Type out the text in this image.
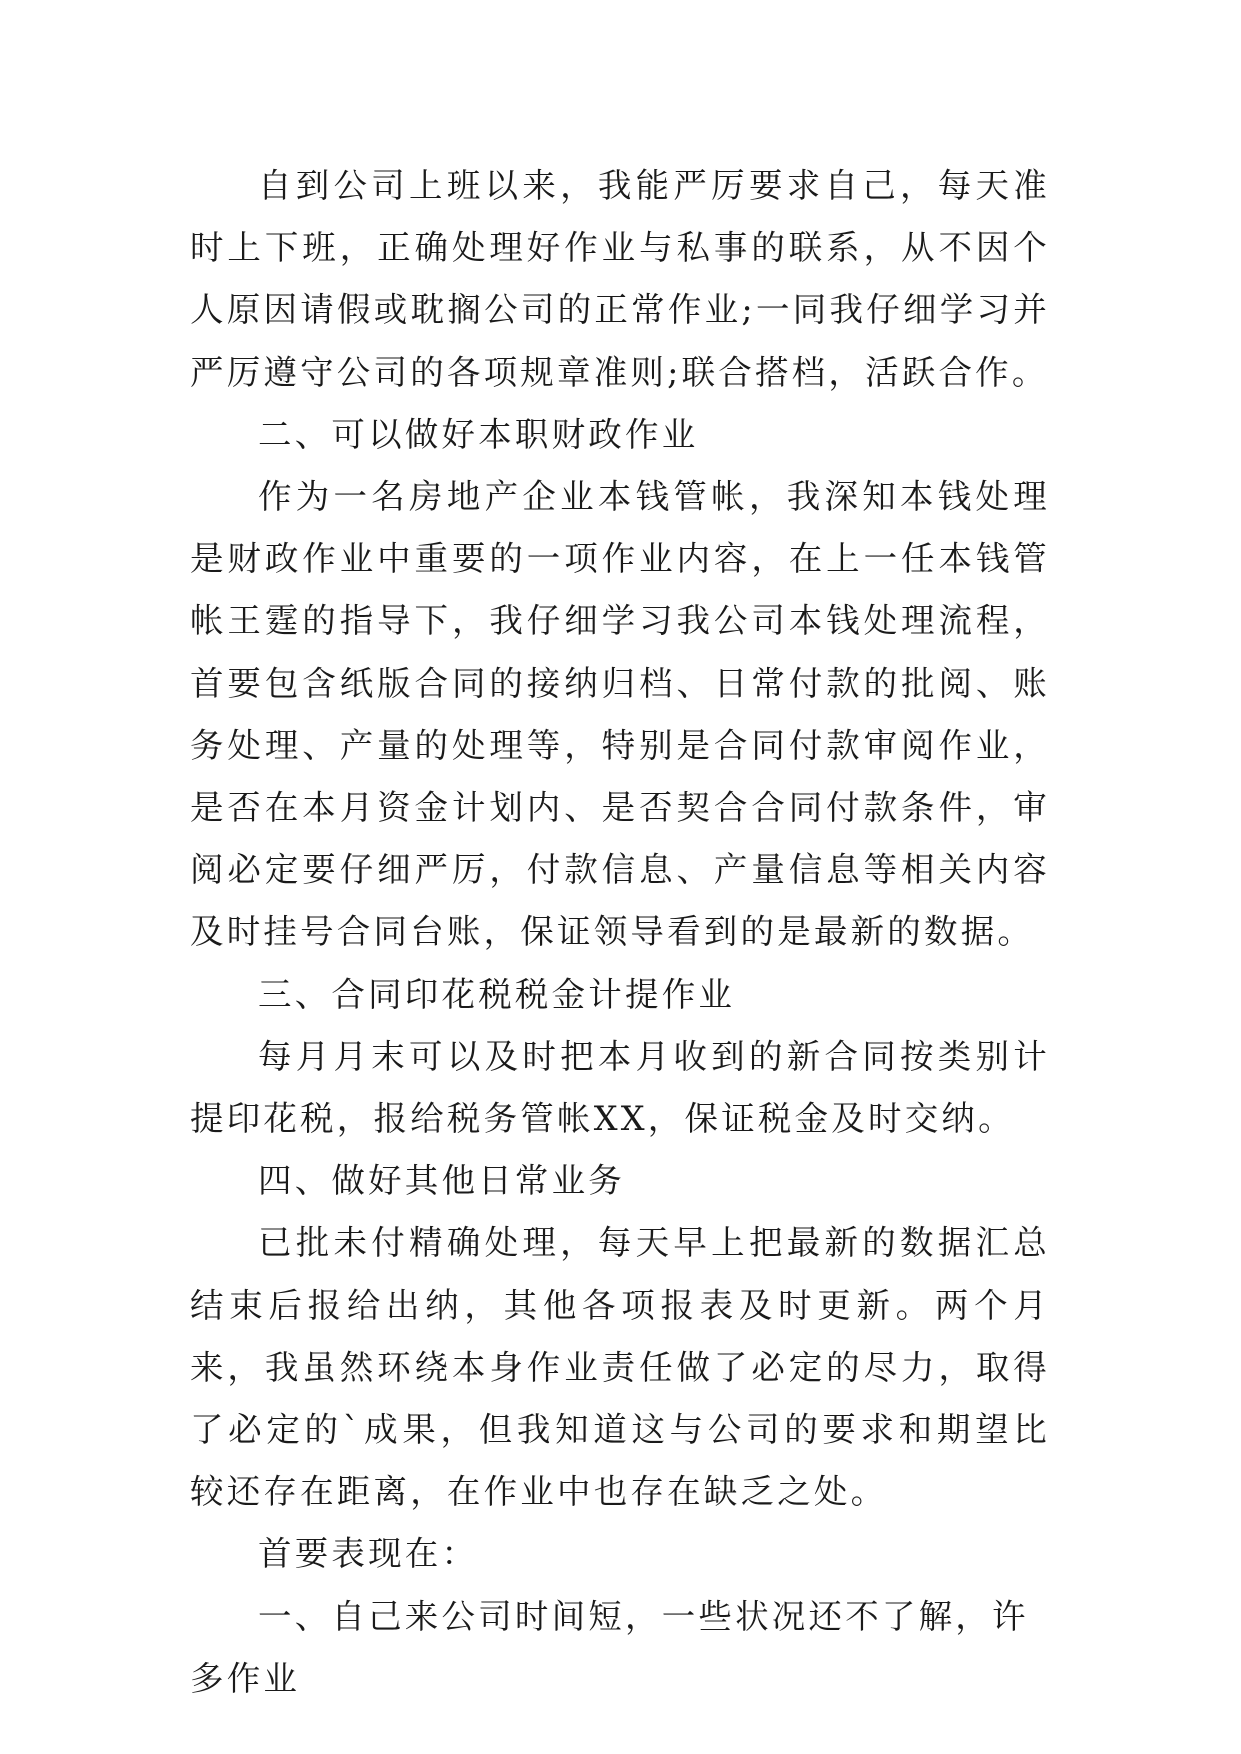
自到公司上班以来，我能严厉要求自己，每天准时上下班，正确处理好作业与私事的联系，从不因个人原因请假或耽搁公司的正常作业;一同我仔细学习并严厉遵守公司的各项规章准则;联合搭档，活跃合作。

二、可以做好本职财政作业

作为一名房地产企业本钱管帐，我深知本钱处理是财政作业中重要的一项作业内容，在上一任本钱管帐王霆的指导下，我仔细学习我公司本钱处理流程，首要包含纸版合同的接纳归档、日常付款的批阅、账务处理、产量的处理等，特别是合同付款审阅作业，是否在本月资金计划内、是否契合合同付款条件，审阅必定要仔细严厉，付款信息、产量信息等相关内容及时挂号合同台账，保证领导看到的是最新的数据。

三、合同印花税税金计提作业

每月月末可以及时把本月收到的新合同按类别计提印花税，报给税务管帐XX，保证税金及时交纳。

四、做好其他日常业务

已批未付精确处理，每天早上把最新的数据汇总结束后报给出纳，其他各项报表及时更新。两个月来，我虽然环绕本身作业责任做了必定的尽力，取得了必定的`成果，但我知道这与公司的要求和期望比较还存在距离，在作业中也存在缺乏之处。

首要表现在：

一、自己来公司时间短，一些状况还不了解，许多作业
